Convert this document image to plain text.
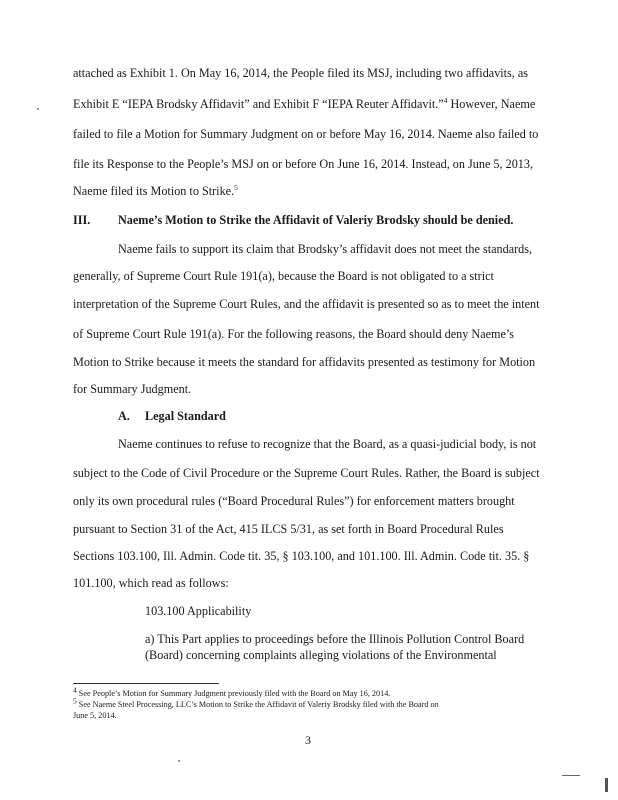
attached as Exhibit 1. On May 16, 2014, the People filed its MSJ, including two affidavits, as
Exhibit E “IEPA Brodsky Affidavit” and Exhibit F “IEPA Reuter Affidavit.”$^4$ However, Naeme
failed to file a Motion for Summary Judgment on or before May 16, 2014. Naeme also failed to
file its Response to the People’s MSJ on or before On June 16, 2014. Instead, on June 5, 2013,
Naeme filed its Motion to Strike.$^5$
III. Naeme’s Motion to Strike the Affidavit of Valeriy Brodsky should be denied.
Naeme fails to support its claim that Brodsky’s affidavit does not meet the standards,
generally, of Supreme Court Rule 191(a), because the Board is not obligated to a strict
interpretation of the Supreme Court Rules, and the affidavit is presented so as to meet the intent
of Supreme Court Rule 191(a). For the following reasons, the Board should deny Naeme’s
Motion to Strike because it meets the standard for affidavits presented as testimony for Motion
for Summary Judgment.
A. Legal Standard
Naeme continues to refuse to recognize that the Board, as a quasi-judicial body, is not
subject to the Code of Civil Procedure or the Supreme Court Rules. Rather, the Board is subject
only its own procedural rules (“Board Procedural Rules”) for enforcement matters brought
pursuant to Section 31 of the Act, 415 ILCS 5/31, as set forth in Board Procedural Rules
Sections 103.100, Ill. Admin. Code tit. 35, § 103.100, and 101.100. Ill. Admin. Code tit. 35. §
101.100, which read as follows:
103.100 Applicability
a) This Part applies to proceedings before the Illinois Pollution Control Board
(Board) concerning complaints alleging violations of the Environmental
$^4$ See People’s Motion for Summary Judgment previously filed with the Board on May 16, 2014.
$^5$ See Naeme Steel Processing, LLC’s Motion to Strike the Affidavit of Valeriy Brodsky filed with the Board on
June 5, 2014.
3
